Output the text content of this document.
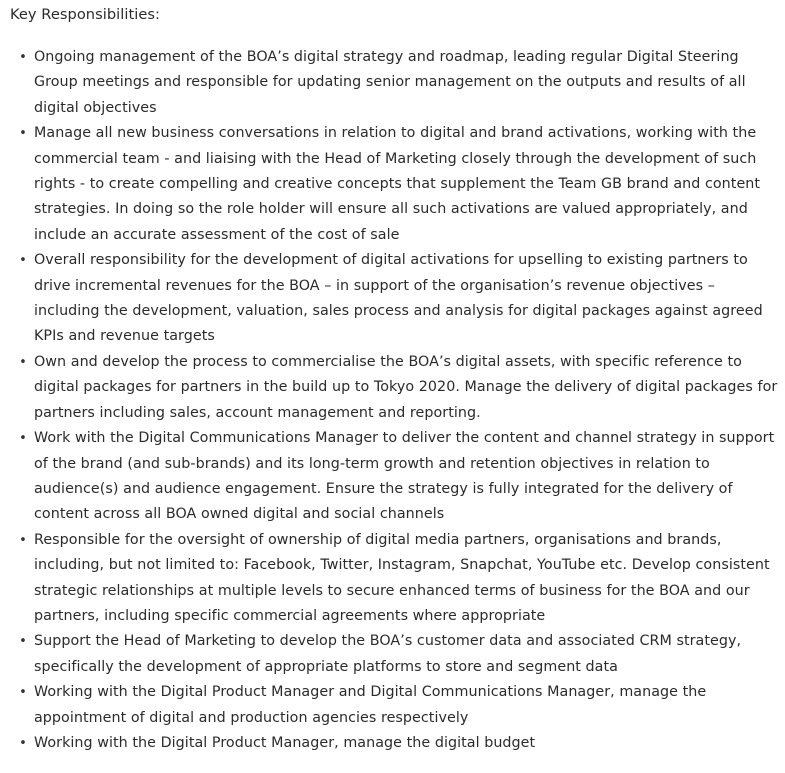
Key Responsibilities:

• Ongoing management of the BOA’s digital strategy and roadmap, leading regular Digital Steering Group meetings and responsible for updating senior management on the outputs and results of all digital objectives
• Manage all new business conversations in relation to digital and brand activations, working with the commercial team - and liaising with the Head of Marketing closely through the development of such rights - to create compelling and creative concepts that supplement the Team GB brand and content strategies. In doing so the role holder will ensure all such activations are valued appropriately, and include an accurate assessment of the cost of sale
• Overall responsibility for the development of digital activations for upselling to existing partners to drive incremental revenues for the BOA – in support of the organisation’s revenue objectives – including the development, valuation, sales process and analysis for digital packages against agreed KPIs and revenue targets
• Own and develop the process to commercialise the BOA’s digital assets, with specific reference to digital packages for partners in the build up to Tokyo 2020. Manage the delivery of digital packages for partners including sales, account management and reporting.
• Work with the Digital Communications Manager to deliver the content and channel strategy in support of the brand (and sub-brands) and its long-term growth and retention objectives in relation to audience(s) and audience engagement. Ensure the strategy is fully integrated for the delivery of content across all BOA owned digital and social channels
• Responsible for the oversight of ownership of digital media partners, organisations and brands, including, but not limited to: Facebook, Twitter, Instagram, Snapchat, YouTube etc. Develop consistent strategic relationships at multiple levels to secure enhanced terms of business for the BOA and our partners, including specific commercial agreements where appropriate
• Support the Head of Marketing to develop the BOA’s customer data and associated CRM strategy, specifically the development of appropriate platforms to store and segment data
• Working with the Digital Product Manager and Digital Communications Manager, manage the appointment of digital and production agencies respectively
• Working with the Digital Product Manager, manage the digital budget
